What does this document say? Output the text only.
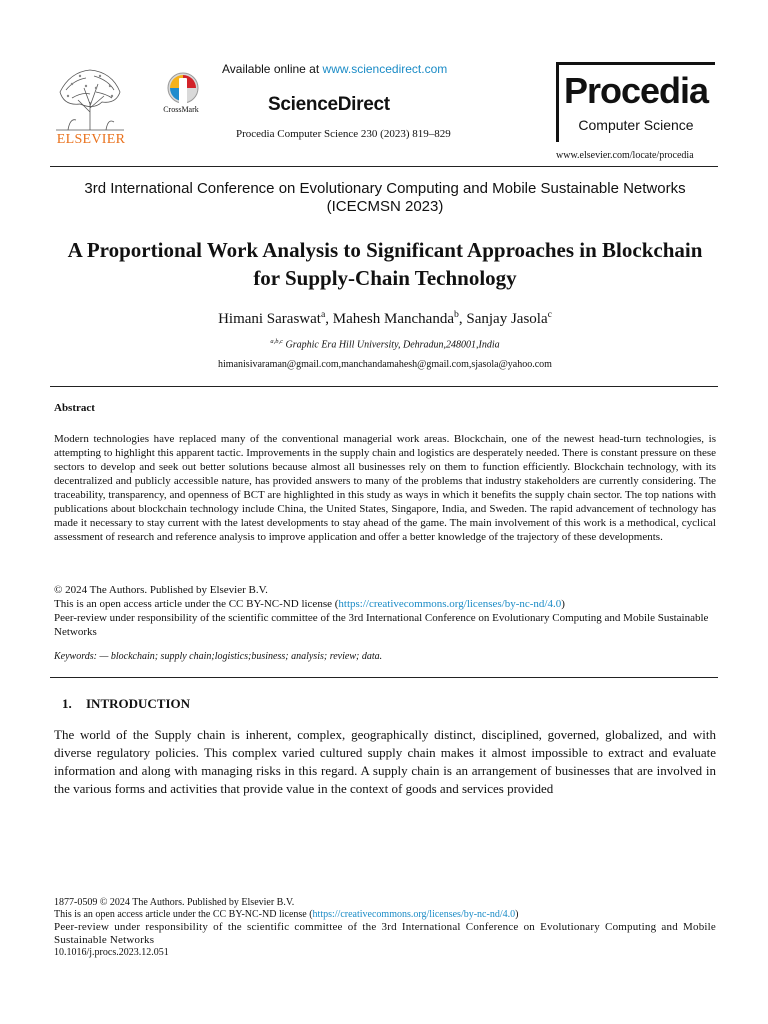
ELSEVIER
CrossMark
Available online at www.sciencedirect.com
ScienceDirect
Procedia Computer Science 230 (2023) 819–829
Procedia
Computer Science
www.elsevier.com/locate/procedia
3rd International Conference on Evolutionary Computing and Mobile Sustainable Networks (ICECMSN 2023)
A Proportional Work Analysis to Significant Approaches in Blockchain for Supply-Chain Technology
Himani Saraswat$^a$, Mahesh Manchanda$^b$, Sanjay Jasola$^c$
$^{a,b,c}$ Graphic Era Hill University, Dehradun,248001,India
himanisivaraman@gmail.com,manchandamahesh@gmail.com,sjasola@yahoo.com
Abstract
Modern technologies have replaced many of the conventional managerial work areas. Blockchain, one of the newest head-turn technologies, is attempting to highlight this apparent tactic. Improvements in the supply chain and logistics are desperately needed. There is constant pressure on these sectors to develop and seek out better solutions because almost all businesses rely on them to function efficiently. Blockchain technology, with its decentralized and publicly accessible nature, has provided answers to many of the problems that industry stakeholders are currently considering. The traceability, transparency, and openness of BCT are highlighted in this study as ways in which it benefits the supply chain sector. The top nations with publications about blockchain technology include China, the United States, Singapore, India, and Sweden. The rapid advancement of technology has made it necessary to stay current with the latest developments to stay ahead of the game. The main involvement of this work is a methodical, cyclical assessment of research and reference analysis to improve application and offer a better knowledge of the trajectory of these developments.
© 2024 The Authors. Published by Elsevier B.V.
This is an open access article under the CC BY-NC-ND license (https://creativecommons.org/licenses/by-nc-nd/4.0)
Peer-review under responsibility of the scientific committee of the 3rd International Conference on Evolutionary Computing and Mobile Sustainable Networks
Keywords: — blockchain; supply chain;logistics;business; analysis; review; data.
1. INTRODUCTION
The world of the Supply chain is inherent, complex, geographically distinct, disciplined, governed, globalized, and with diverse regulatory policies. This complex varied cultured supply chain makes it almost impossible to extract and evaluate information and along with managing risks in this regard. A supply chain is an arrangement of businesses that are involved in the various forms and activities that provide value in the context of goods and services provided
1877-0509 © 2024 The Authors. Published by Elsevier B.V.
This is an open access article under the CC BY-NC-ND license (https://creativecommons.org/licenses/by-nc-nd/4.0)
Peer-review under responsibility of the scientific committee of the 3rd International Conference on Evolutionary Computing and Mobile Sustainable Networks
10.1016/j.procs.2023.12.051
